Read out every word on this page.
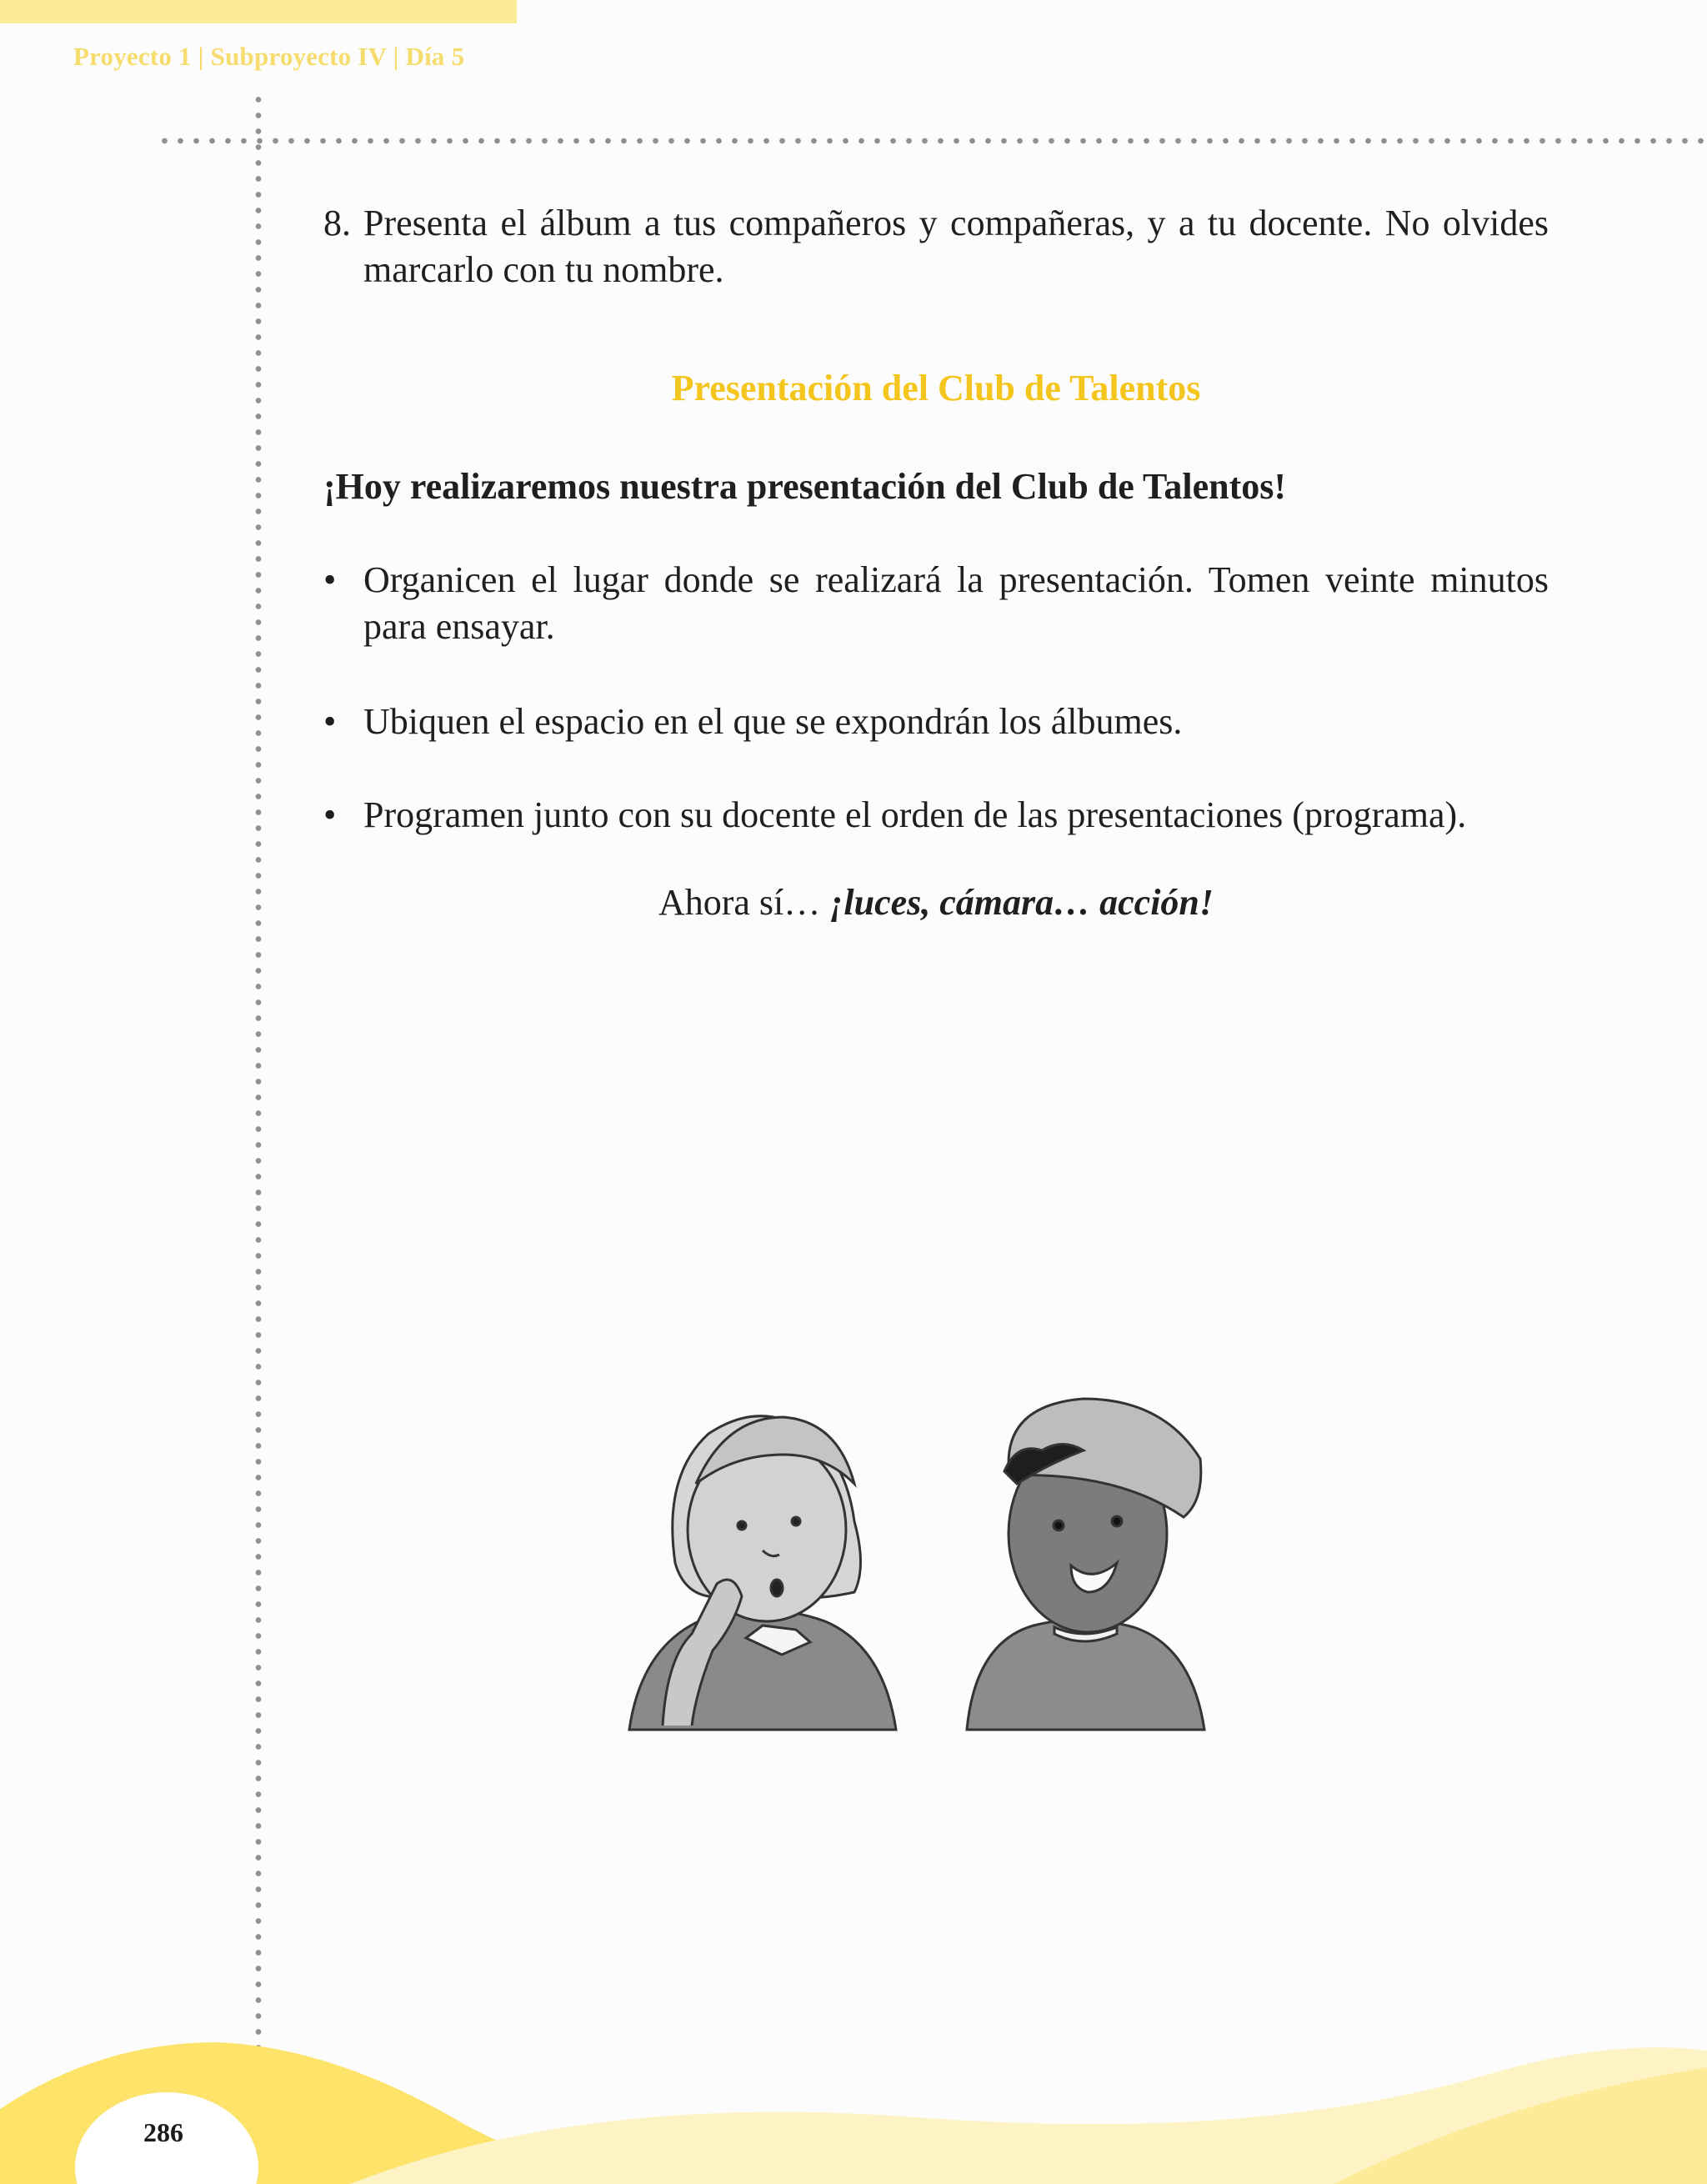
Proyecto 1 | Subproyecto IV | Día 5
8. Presenta el álbum a tus compañeros y compañeras, y a tu docente. No olvides marcarlo con tu nombre.
Presentación del Club de Talentos
¡Hoy realizaremos nuestra presentación del Club de Talentos!
• Organicen el lugar donde se realizará la presentación. Tomen veinte minutos para ensayar.
• Ubiquen el espacio en el que se expondrán los álbumes.
• Programen junto con su docente el orden de las presentaciones (programa).
Ahora sí… ¡luces, cámara… acción!
286
